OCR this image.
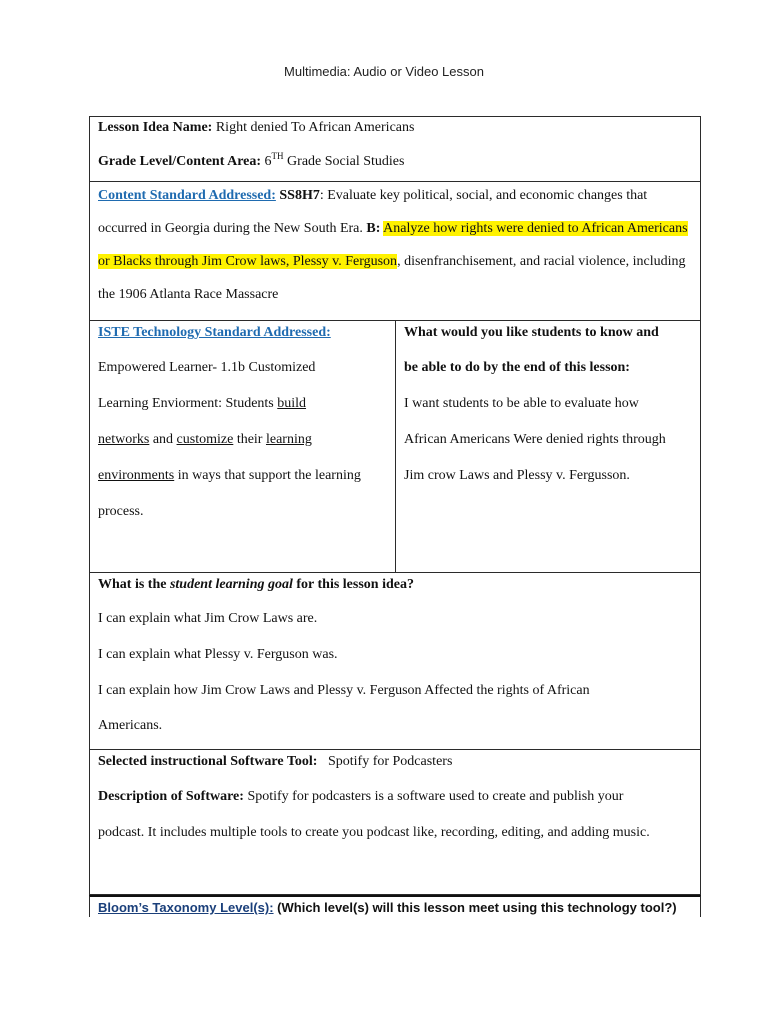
Multimedia: Audio or Video Lesson
Lesson Idea Name: Right denied To African Americans
Grade Level/Content Area: 6TH Grade Social Studies
Content Standard Addressed: SS8H7: Evaluate key political, social, and economic changes that
occurred in Georgia during the New South Era. B: Analyze how rights were denied to African Americans
or Blacks through Jim Crow laws, Plessy v. Ferguson, disenfranchisement, and racial violence, including
the 1906 Atlanta Race Massacre
ISTE Technology Standard Addressed:
Empowered Learner- 1.1b Customized
Learning Enviorment: Students build
networks and customize their learning
environments in ways that support the learning
process.
What would you like students to know and
be able to do by the end of this lesson:
I want students to be able to evaluate how
African Americans Were denied rights through
Jim crow Laws and Plessy v. Fergusson.
What is the student learning goal for this lesson idea?
I can explain what Jim Crow Laws are.
I can explain what Plessy v. Ferguson was.
I can explain how Jim Crow Laws and Plessy v. Ferguson Affected the rights of African
Americans.
Selected instructional Software Tool: Spotify for Podcasters
Description of Software: Spotify for podcasters is a software used to create and publish your
podcast. It includes multiple tools to create you podcast like, recording, editing, and adding music.
Bloom’s Taxonomy Level(s): (Which level(s) will this lesson meet using this technology tool?)
